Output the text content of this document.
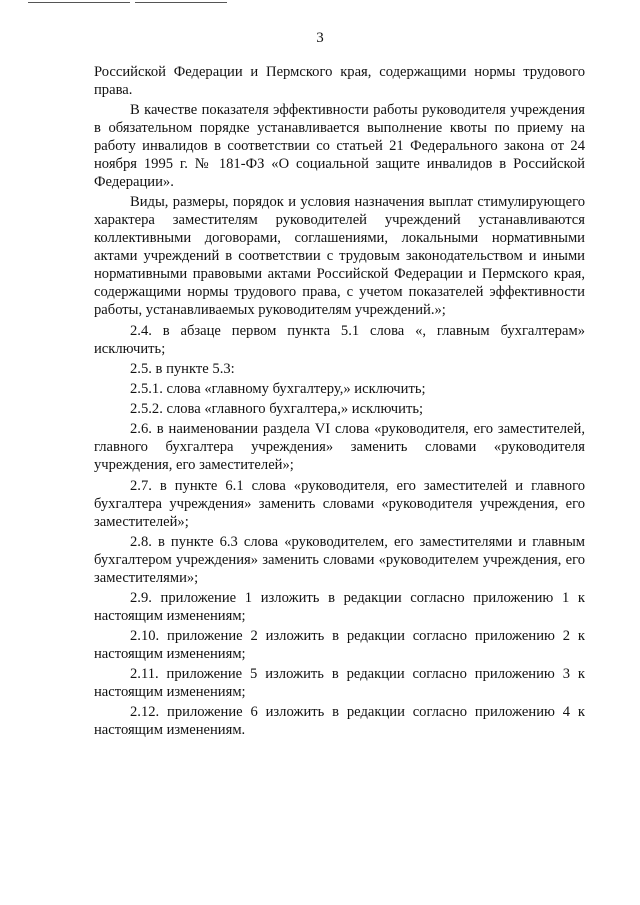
3

Российской Федерации и Пермского края, содержащими нормы трудового права.

В качестве показателя эффективности работы руководителя учреждения в обязательном порядке устанавливается выполнение квоты по приему на работу инвалидов в соответствии со статьей 21 Федерального закона от 24 ноября 1995 г. № 181-ФЗ «О социальной защите инвалидов в Российской Федерации».

Виды, размеры, порядок и условия назначения выплат стимулирующего характера заместителям руководителей учреждений устанавливаются коллективными договорами, соглашениями, локальными нормативными актами учреждений в соответствии с трудовым законодательством и иными нормативными правовыми актами Российской Федерации и Пермского края, содержащими нормы трудового права, с учетом показателей эффективности работы, устанавливаемых руководителям учреждений.»;

2.4. в абзаце первом пункта 5.1 слова «, главным бухгалтерам» исключить;

2.5. в пункте 5.3:

2.5.1. слова «главному бухгалтеру,» исключить;

2.5.2. слова «главного бухгалтера,» исключить;

2.6. в наименовании раздела VI слова «руководителя, его заместителей, главного бухгалтера учреждения» заменить словами «руководителя учреждения, его заместителей»;

2.7. в пункте 6.1 слова «руководителя, его заместителей и главного бухгалтера учреждения» заменить словами «руководителя учреждения, его заместителей»;

2.8. в пункте 6.3 слова «руководителем, его заместителями и главным бухгалтером учреждения» заменить словами «руководителем учреждения, его заместителями»;

2.9. приложение 1 изложить в редакции согласно приложению 1 к настоящим изменениям;

2.10. приложение 2 изложить в редакции согласно приложению 2 к настоящим изменениям;

2.11. приложение 5 изложить в редакции согласно приложению 3 к настоящим изменениям;

2.12. приложение 6 изложить в редакции согласно приложению 4 к настоящим изменениям.
